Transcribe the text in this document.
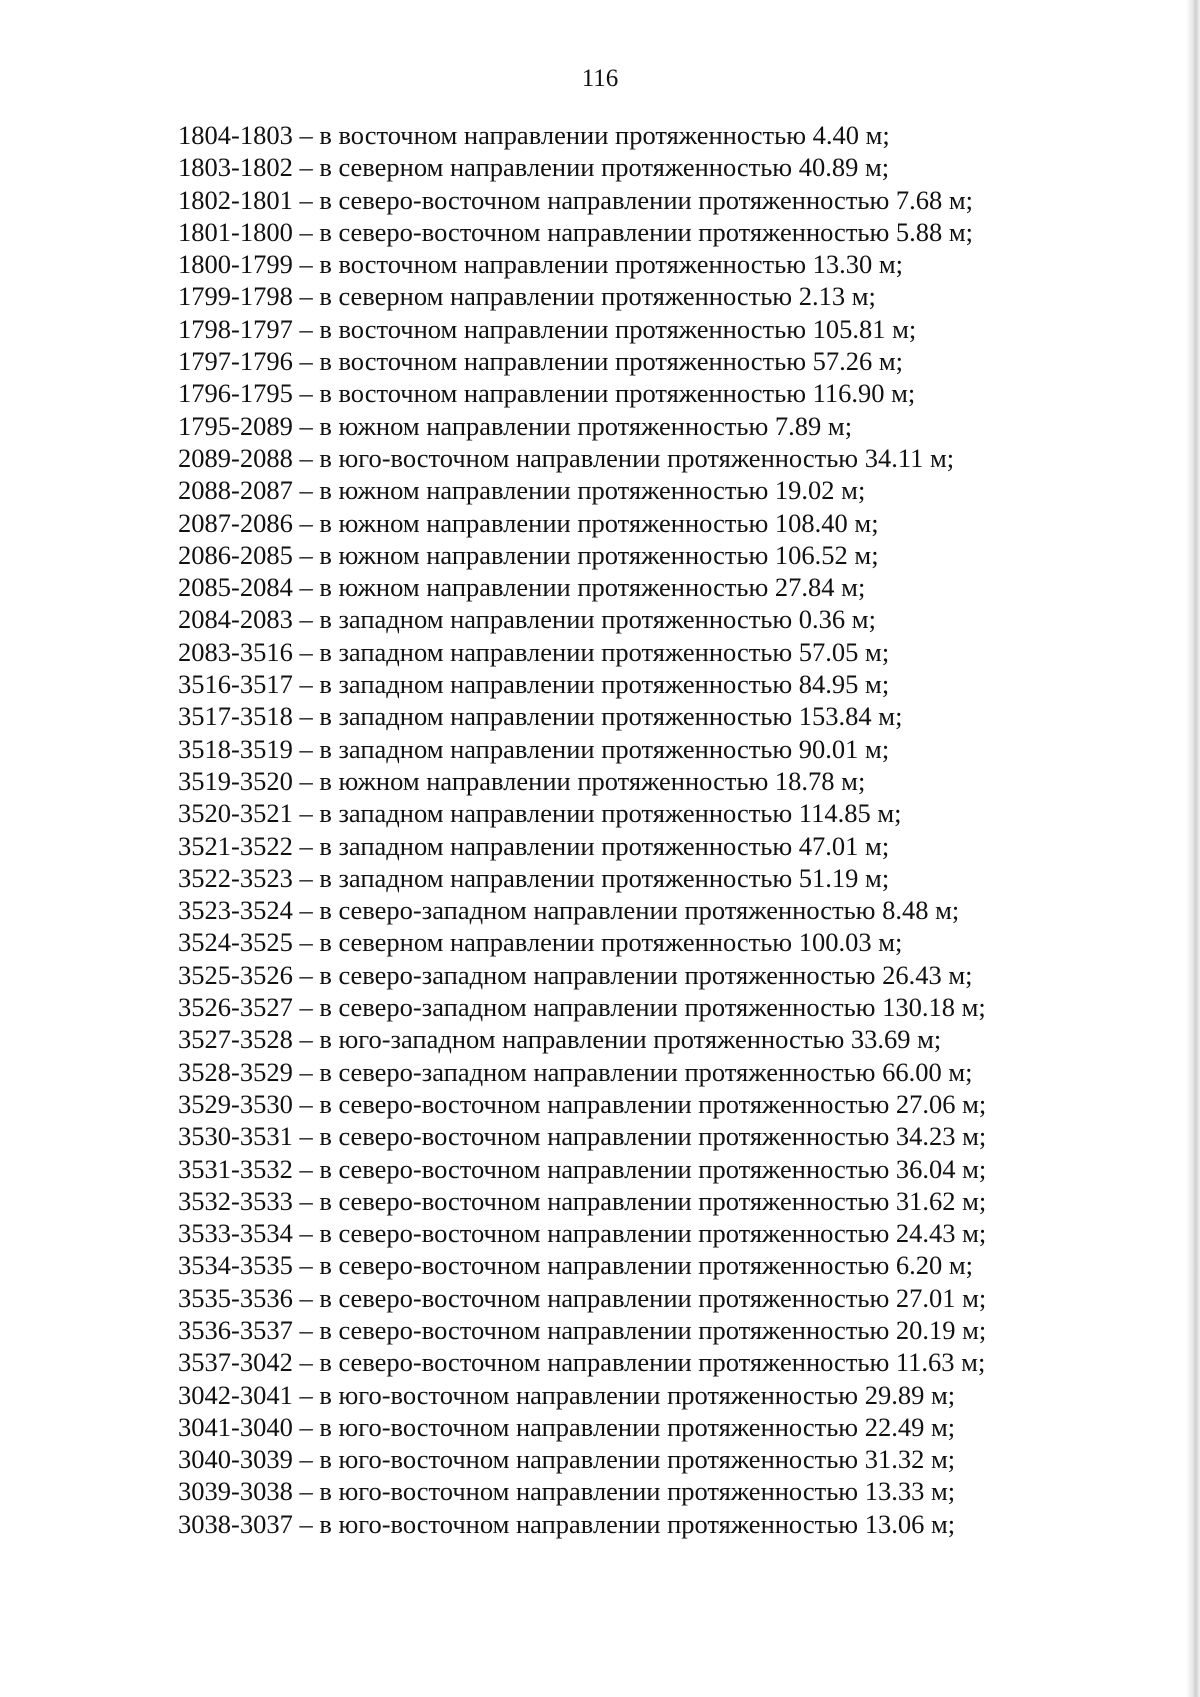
116
1804-1803 – в восточном направлении протяженностью 4.40 м;
1803-1802 – в северном направлении протяженностью 40.89 м;
1802-1801 – в северо-восточном направлении протяженностью 7.68 м;
1801-1800 – в северо-восточном направлении протяженностью 5.88 м;
1800-1799 – в восточном направлении протяженностью 13.30 м;
1799-1798 – в северном направлении протяженностью 2.13 м;
1798-1797 – в восточном направлении протяженностью 105.81 м;
1797-1796 – в восточном направлении протяженностью 57.26 м;
1796-1795 – в восточном направлении протяженностью 116.90 м;
1795-2089 – в южном направлении протяженностью 7.89 м;
2089-2088 – в юго-восточном направлении протяженностью 34.11 м;
2088-2087 – в южном направлении протяженностью 19.02 м;
2087-2086 – в южном направлении протяженностью 108.40 м;
2086-2085 – в южном направлении протяженностью 106.52 м;
2085-2084 – в южном направлении протяженностью 27.84 м;
2084-2083 – в западном направлении протяженностью 0.36 м;
2083-3516 – в западном направлении протяженностью 57.05 м;
3516-3517 – в западном направлении протяженностью 84.95 м;
3517-3518 – в западном направлении протяженностью 153.84 м;
3518-3519 – в западном направлении протяженностью 90.01 м;
3519-3520 – в южном направлении протяженностью 18.78 м;
3520-3521 – в западном направлении протяженностью 114.85 м;
3521-3522 – в западном направлении протяженностью 47.01 м;
3522-3523 – в западном направлении протяженностью 51.19 м;
3523-3524 – в северо-западном направлении протяженностью 8.48 м;
3524-3525 – в северном направлении протяженностью 100.03 м;
3525-3526 – в северо-западном направлении протяженностью 26.43 м;
3526-3527 – в северо-западном направлении протяженностью 130.18 м;
3527-3528 – в юго-западном направлении протяженностью 33.69 м;
3528-3529 – в северо-западном направлении протяженностью 66.00 м;
3529-3530 – в северо-восточном направлении протяженностью 27.06 м;
3530-3531 – в северо-восточном направлении протяженностью 34.23 м;
3531-3532 – в северо-восточном направлении протяженностью 36.04 м;
3532-3533 – в северо-восточном направлении протяженностью 31.62 м;
3533-3534 – в северо-восточном направлении протяженностью 24.43 м;
3534-3535 – в северо-восточном направлении протяженностью 6.20 м;
3535-3536 – в северо-восточном направлении протяженностью 27.01 м;
3536-3537 – в северо-восточном направлении протяженностью 20.19 м;
3537-3042 – в северо-восточном направлении протяженностью 11.63 м;
3042-3041 – в юго-восточном направлении протяженностью 29.89 м;
3041-3040 – в юго-восточном направлении протяженностью 22.49 м;
3040-3039 – в юго-восточном направлении протяженностью 31.32 м;
3039-3038 – в юго-восточном направлении протяженностью 13.33 м;
3038-3037 – в юго-восточном направлении протяженностью 13.06 м;
